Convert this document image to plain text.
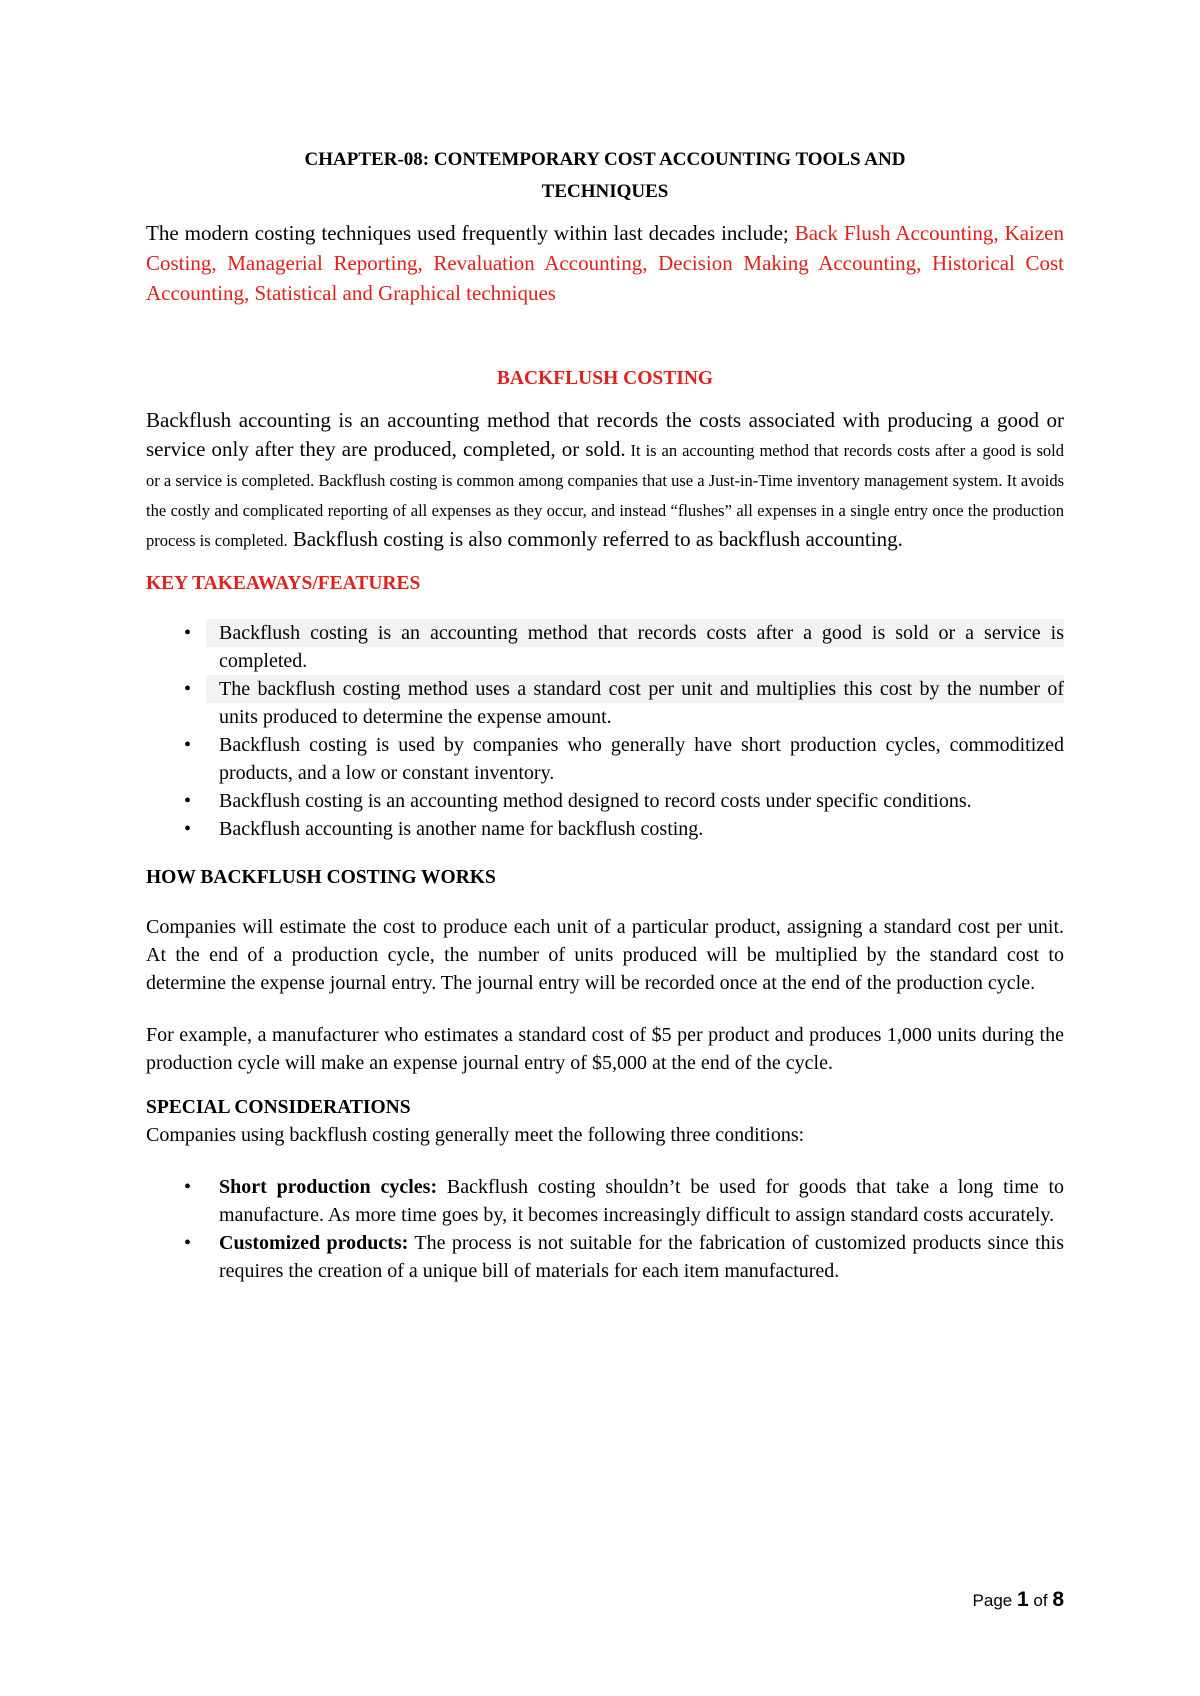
CHAPTER-08: CONTEMPORARY COST ACCOUNTING TOOLS AND
TECHNIQUES

The modern costing techniques used frequently within last decades include; Back Flush Accounting, Kaizen Costing, Managerial Reporting, Revaluation Accounting, Decision Making Accounting, Historical Cost Accounting, Statistical and Graphical techniques

BACKFLUSH COSTING

Backflush accounting is an accounting method that records the costs associated with producing a good or service only after they are produced, completed, or sold. It is an accounting method that records costs after a good is sold or a service is completed. Backflush costing is common among companies that use a Just-in-Time inventory management system. It avoids the costly and complicated reporting of all expenses as they occur, and instead “flushes” all expenses in a single entry once the production process is completed. Backflush costing is also commonly referred to as backflush accounting.

KEY TAKEAWAYS/FEATURES

• Backflush costing is an accounting method that records costs after a good is sold or a service is completed.
• The backflush costing method uses a standard cost per unit and multiplies this cost by the number of units produced to determine the expense amount.
• Backflush costing is used by companies who generally have short production cycles, commoditized products, and a low or constant inventory.
• Backflush costing is an accounting method designed to record costs under specific conditions.
• Backflush accounting is another name for backflush costing.

HOW BACKFLUSH COSTING WORKS

Companies will estimate the cost to produce each unit of a particular product, assigning a standard cost per unit. At the end of a production cycle, the number of units produced will be multiplied by the standard cost to determine the expense journal entry. The journal entry will be recorded once at the end of the production cycle.

For example, a manufacturer who estimates a standard cost of $5 per product and produces 1,000 units during the production cycle will make an expense journal entry of $5,000 at the end of the cycle.

SPECIAL CONSIDERATIONS

Companies using backflush costing generally meet the following three conditions:

• Short production cycles: Backflush costing shouldn’t be used for goods that take a long time to manufacture. As more time goes by, it becomes increasingly difficult to assign standard costs accurately.
• Customized products: The process is not suitable for the fabrication of customized products since this requires the creation of a unique bill of materials for each item manufactured.
Page 1 of 8
